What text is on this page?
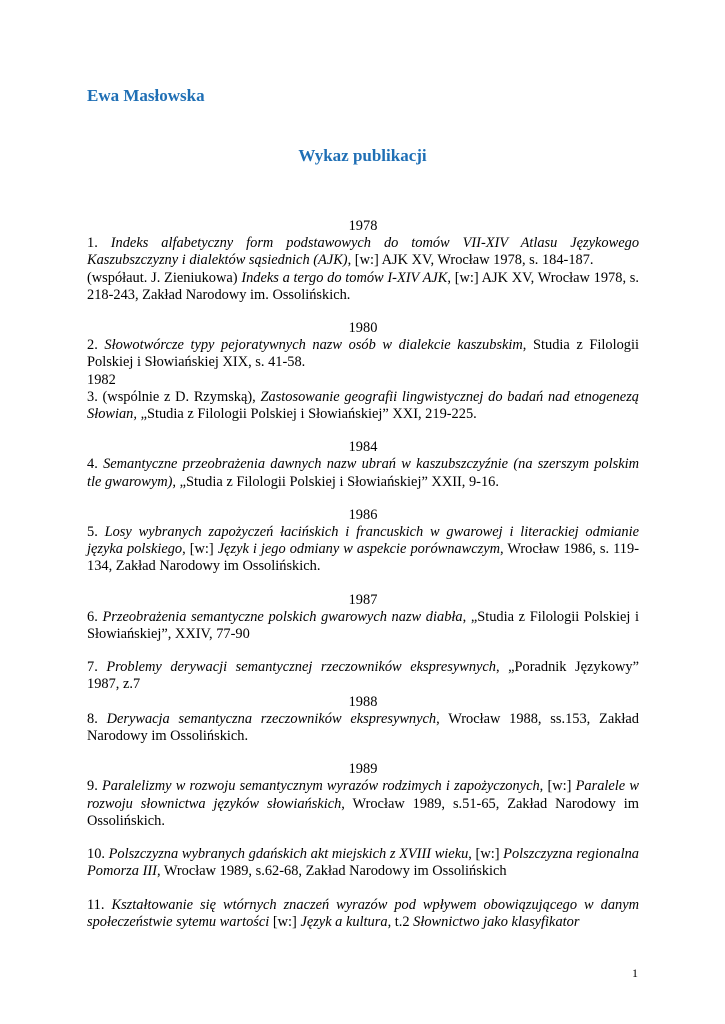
Ewa Masłowska
Wykaz publikacji
1978
1. Indeks alfabetyczny form podstawowych do tomów VII-XIV Atlasu Językowego Kaszubszczyzny i dialektów sąsiednich (AJK), [w:] AJK XV, Wrocław 1978, s. 184-187.
(współaut. J. Zieniukowa) Indeks a tergo do tomów I-XIV AJK, [w:] AJK XV, Wrocław 1978, s. 218-243, Zakład Narodowy im. Ossolińskich.
1980
2. Słowotwórcze typy pejoratywnych nazw osób w dialekcie kaszubskim, Studia z Filologii Polskiej i Słowiańskiej XIX, s. 41-58.
1982
3. (wspólnie z D. Rzymską), Zastosowanie geografii lingwistycznej do badań nad etnogenezą Słowian, „Studia z Filologii Polskiej i Słowiańskiej” XXI, 219-225.
1984
4. Semantyczne przeobrażenia dawnych nazw ubrań w kaszubszczyźnie (na szerszym polskim tle gwarowym), „Studia z Filologii Polskiej i Słowiańskiej” XXII, 9-16.
1986
5. Losy wybranych zapożyczeń łacińskich i francuskich w gwarowej i literackiej odmianie języka polskiego, [w:] Język i jego odmiany w aspekcie porównawczym, Wrocław 1986, s. 119-134, Zakład Narodowy im Ossolińskich.
1987
6. Przeobrażenia semantyczne polskich gwarowych nazw diabła, „Studia z Filologii Polskiej i Słowiańskiej”, XXIV, 77-90
7. Problemy derywacji semantycznej rzeczowników ekspresywnych, „Poradnik Językowy” 1987, z.7
1988
8. Derywacja semantyczna rzeczowników ekspresywnych, Wrocław 1988, ss.153, Zakład Narodowy im Ossolińskich.
1989
9. Paralelizmy w rozwoju semantycznym wyrazów rodzimych i zapożyczonych, [w:] Paralele w rozwoju słownictwa języków słowiańskich, Wrocław 1989, s.51-65, Zakład Narodowy im Ossolińskich.
10. Polszczyzna wybranych gdańskich akt miejskich z XVIII wieku, [w:] Polszczyzna regionalna Pomorza III, Wrocław 1989, s.62-68, Zakład Narodowy im Ossolińskich
11. Kształtowanie się wtórnych znaczeń wyrazów pod wpływem obowiązującego w danym społeczeństwie sytemu wartości [w:] Język a kultura, t.2 Słownictwo jako klasyfikator
1
